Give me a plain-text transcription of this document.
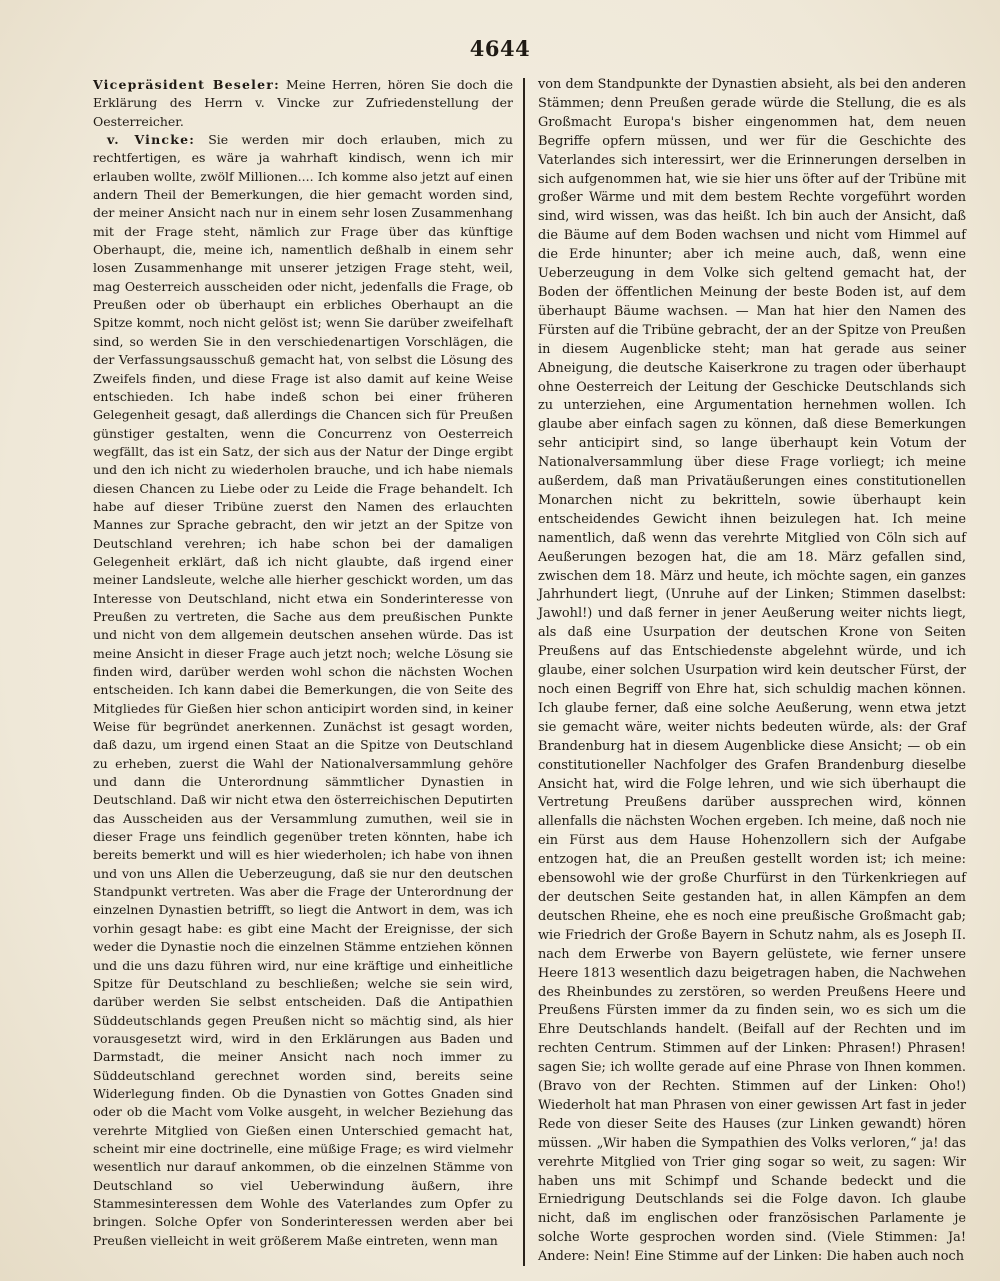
4644

Vicepräsident Beseler: Meine Herren, hören Sie doch die Erklärung des Herrn v. Vincke zur Zufriedenstellung der Oesterreicher.

v. Vincke: Sie werden mir doch erlauben, mich zu rechtfertigen, es wäre ja wahrhaft kindisch, wenn ich mir erlauben wollte, zwölf Millionen.... Ich komme also jetzt auf einen andern Theil der Bemerkungen, die hier gemacht worden sind, der meiner Ansicht nach nur in einem sehr losen Zusammenhang mit der Frage steht, nämlich zur Frage über das künftige Oberhaupt, die, meine ich, namentlich deßhalb in einem sehr losen Zusammenhange mit unserer jetzigen Frage steht, weil, mag Oesterreich ausscheiden oder nicht, jedenfalls die Frage, ob Preußen oder ob überhaupt ein erbliches Oberhaupt an die Spitze kommt, noch nicht gelöst ist; wenn Sie darüber zweifelhaft sind, so werden Sie in den verschiedenartigen Vorschlägen, die der Verfassungsausschuß gemacht hat, von selbst die Lösung des Zweifels finden, und diese Frage ist also damit auf keine Weise entschieden. Ich habe indeß schon bei einer früheren Gelegenheit gesagt, daß allerdings die Chancen sich für Preußen günstiger gestalten, wenn die Concurrenz von Oesterreich wegfällt, das ist ein Satz, der sich aus der Natur der Dinge ergibt und den ich nicht zu wiederholen brauche, und ich habe niemals diesen Chancen zu Liebe oder zu Leide die Frage behandelt. Ich habe auf dieser Tribüne zuerst den Namen des erlauchten Mannes zur Sprache gebracht, den wir jetzt an der Spitze von Deutschland verehren; ich habe schon bei der damaligen Gelegenheit erklärt, daß ich nicht glaubte, daß irgend einer meiner Landsleute, welche alle hierher geschickt worden, um das Interesse von Deutschland, nicht etwa ein Sonderinteresse von Preußen zu vertreten, die Sache aus dem preußischen Punkte und nicht von dem allgemein deutschen ansehen würde. Das ist meine Ansicht in dieser Frage auch jetzt noch; welche Lösung sie finden wird, darüber werden wohl schon die nächsten Wochen entscheiden. Ich kann dabei die Bemerkungen, die von Seite des Mitgliedes für Gießen hier schon anticipirt worden sind, in keiner Weise für begründet anerkennen. Zunächst ist gesagt worden, daß dazu, um irgend einen Staat an die Spitze von Deutschland zu erheben, zuerst die Wahl der Nationalversammlung gehöre und dann die Unterordnung sämmtlicher Dynastien in Deutschland. Daß wir nicht etwa den österreichischen Deputirten das Ausscheiden aus der Versammlung zumuthen, weil sie in dieser Frage uns feindlich gegenüber treten könnten, habe ich bereits bemerkt und will es hier wiederholen; ich habe von ihnen und von uns Allen die Ueberzeugung, daß sie nur den deutschen Standpunkt vertreten. Was aber die Frage der Unterordnung der einzelnen Dynastien betrifft, so liegt die Antwort in dem, was ich vorhin gesagt habe: es gibt eine Macht der Ereignisse, der sich weder die Dynastie noch die einzelnen Stämme entziehen können und die uns dazu führen wird, nur eine kräftige und einheitliche Spitze für Deutschland zu beschließen; welche sie sein wird, darüber werden Sie selbst entscheiden. Daß die Antipathien Süddeutschlands gegen Preußen nicht so mächtig sind, als hier vorausgesetzt wird, wird in den Erklärungen aus Baden und Darmstadt, die meiner Ansicht nach noch immer zu Süddeutschland gerechnet worden sind, bereits seine Widerlegung finden. Ob die Dynastien von Gottes Gnaden sind oder ob die Macht vom Volke ausgeht, in welcher Beziehung das verehrte Mitglied von Gießen einen Unterschied gemacht hat, scheint mir eine doctrinelle, eine müßige Frage; es wird vielmehr wesentlich nur darauf ankommen, ob die einzelnen Stämme von Deutschland so viel Ueberwindung äußern, ihre Stammesinteressen dem Wohle des Vaterlandes zum Opfer zu bringen. Solche Opfer von Sonderinteressen werden aber bei Preußen vielleicht in weit größerem Maße eintreten, wenn man

von dem Standpunkte der Dynastien absieht, als bei den anderen Stämmen; denn Preußen gerade würde die Stellung, die es als Großmacht Europa's bisher eingenommen hat, dem neuen Begriffe opfern müssen, und wer für die Geschichte des Vaterlandes sich interessirt, wer die Erinnerungen derselben in sich aufgenommen hat, wie sie hier uns öfter auf der Tribüne mit großer Wärme und mit dem bestem Rechte vorgeführt worden sind, wird wissen, was das heißt. Ich bin auch der Ansicht, daß die Bäume auf dem Boden wachsen und nicht vom Himmel auf die Erde hinunter; aber ich meine auch, daß, wenn eine Ueberzeugung in dem Volke sich geltend gemacht hat, der Boden der öffentlichen Meinung der beste Boden ist, auf dem überhaupt Bäume wachsen. — Man hat hier den Namen des Fürsten auf die Tribüne gebracht, der an der Spitze von Preußen in diesem Augenblicke steht; man hat gerade aus seiner Abneigung, die deutsche Kaiserkrone zu tragen oder überhaupt ohne Oesterreich der Leitung der Geschicke Deutschlands sich zu unterziehen, eine Argumentation hernehmen wollen. Ich glaube aber einfach sagen zu können, daß diese Bemerkungen sehr anticipirt sind, so lange überhaupt kein Votum der Nationalversammlung über diese Frage vorliegt; ich meine außerdem, daß man Privatäußerungen eines constitutionellen Monarchen nicht zu bekritteln, sowie überhaupt kein entscheidendes Gewicht ihnen beizulegen hat. Ich meine namentlich, daß wenn das verehrte Mitglied von Cöln sich auf Aeußerungen bezogen hat, die am 18. März gefallen sind, zwischen dem 18. März und heute, ich möchte sagen, ein ganzes Jahrhundert liegt, (Unruhe auf der Linken; Stimmen daselbst: Jawohl!) und daß ferner in jener Aeußerung weiter nichts liegt, als daß eine Usurpation der deutschen Krone von Seiten Preußens auf das Entschiedenste abgelehnt würde, und ich glaube, einer solchen Usurpation wird kein deutscher Fürst, der noch einen Begriff von Ehre hat, sich schuldig machen können. Ich glaube ferner, daß eine solche Aeußerung, wenn etwa jetzt sie gemacht wäre, weiter nichts bedeuten würde, als: der Graf Brandenburg hat in diesem Augenblicke diese Ansicht; — ob ein constitutioneller Nachfolger des Grafen Brandenburg dieselbe Ansicht hat, wird die Folge lehren, und wie sich überhaupt die Vertretung Preußens darüber aussprechen wird, können allenfalls die nächsten Wochen ergeben. Ich meine, daß noch nie ein Fürst aus dem Hause Hohenzollern sich der Aufgabe entzogen hat, die an Preußen gestellt worden ist; ich meine: ebensowohl wie der große Churfürst in den Türkenkriegen auf der deutschen Seite gestanden hat, in allen Kämpfen an dem deutschen Rheine, ehe es noch eine preußische Großmacht gab; wie Friedrich der Große Bayern in Schutz nahm, als es Joseph II. nach dem Erwerbe von Bayern gelüstete, wie ferner unsere Heere 1813 wesentlich dazu beigetragen haben, die Nachwehen des Rheinbundes zu zerstören, so werden Preußens Heere und Preußens Fürsten immer da zu finden sein, wo es sich um die Ehre Deutschlands handelt. (Beifall auf der Rechten und im rechten Centrum. Stimmen auf der Linken: Phrasen!) Phrasen! sagen Sie; ich wollte gerade auf eine Phrase von Ihnen kommen. (Bravo von der Rechten. Stimmen auf der Linken: Oho!) Wiederholt hat man Phrasen von einer gewissen Art fast in jeder Rede von dieser Seite des Hauses (zur Linken gewandt) hören müssen. „Wir haben die Sympathien des Volks verloren,“ ja! das verehrte Mitglied von Trier ging sogar so weit, zu sagen: Wir haben uns mit Schimpf und Schande bedeckt und die Erniedrigung Deutschlands sei die Folge davon. Ich glaube nicht, daß im englischen oder französischen Parlamente je solche Worte gesprochen worden sind. (Viele Stimmen: Ja! Andere: Nein! Eine Stimme auf der Linken: Die haben auch noch
